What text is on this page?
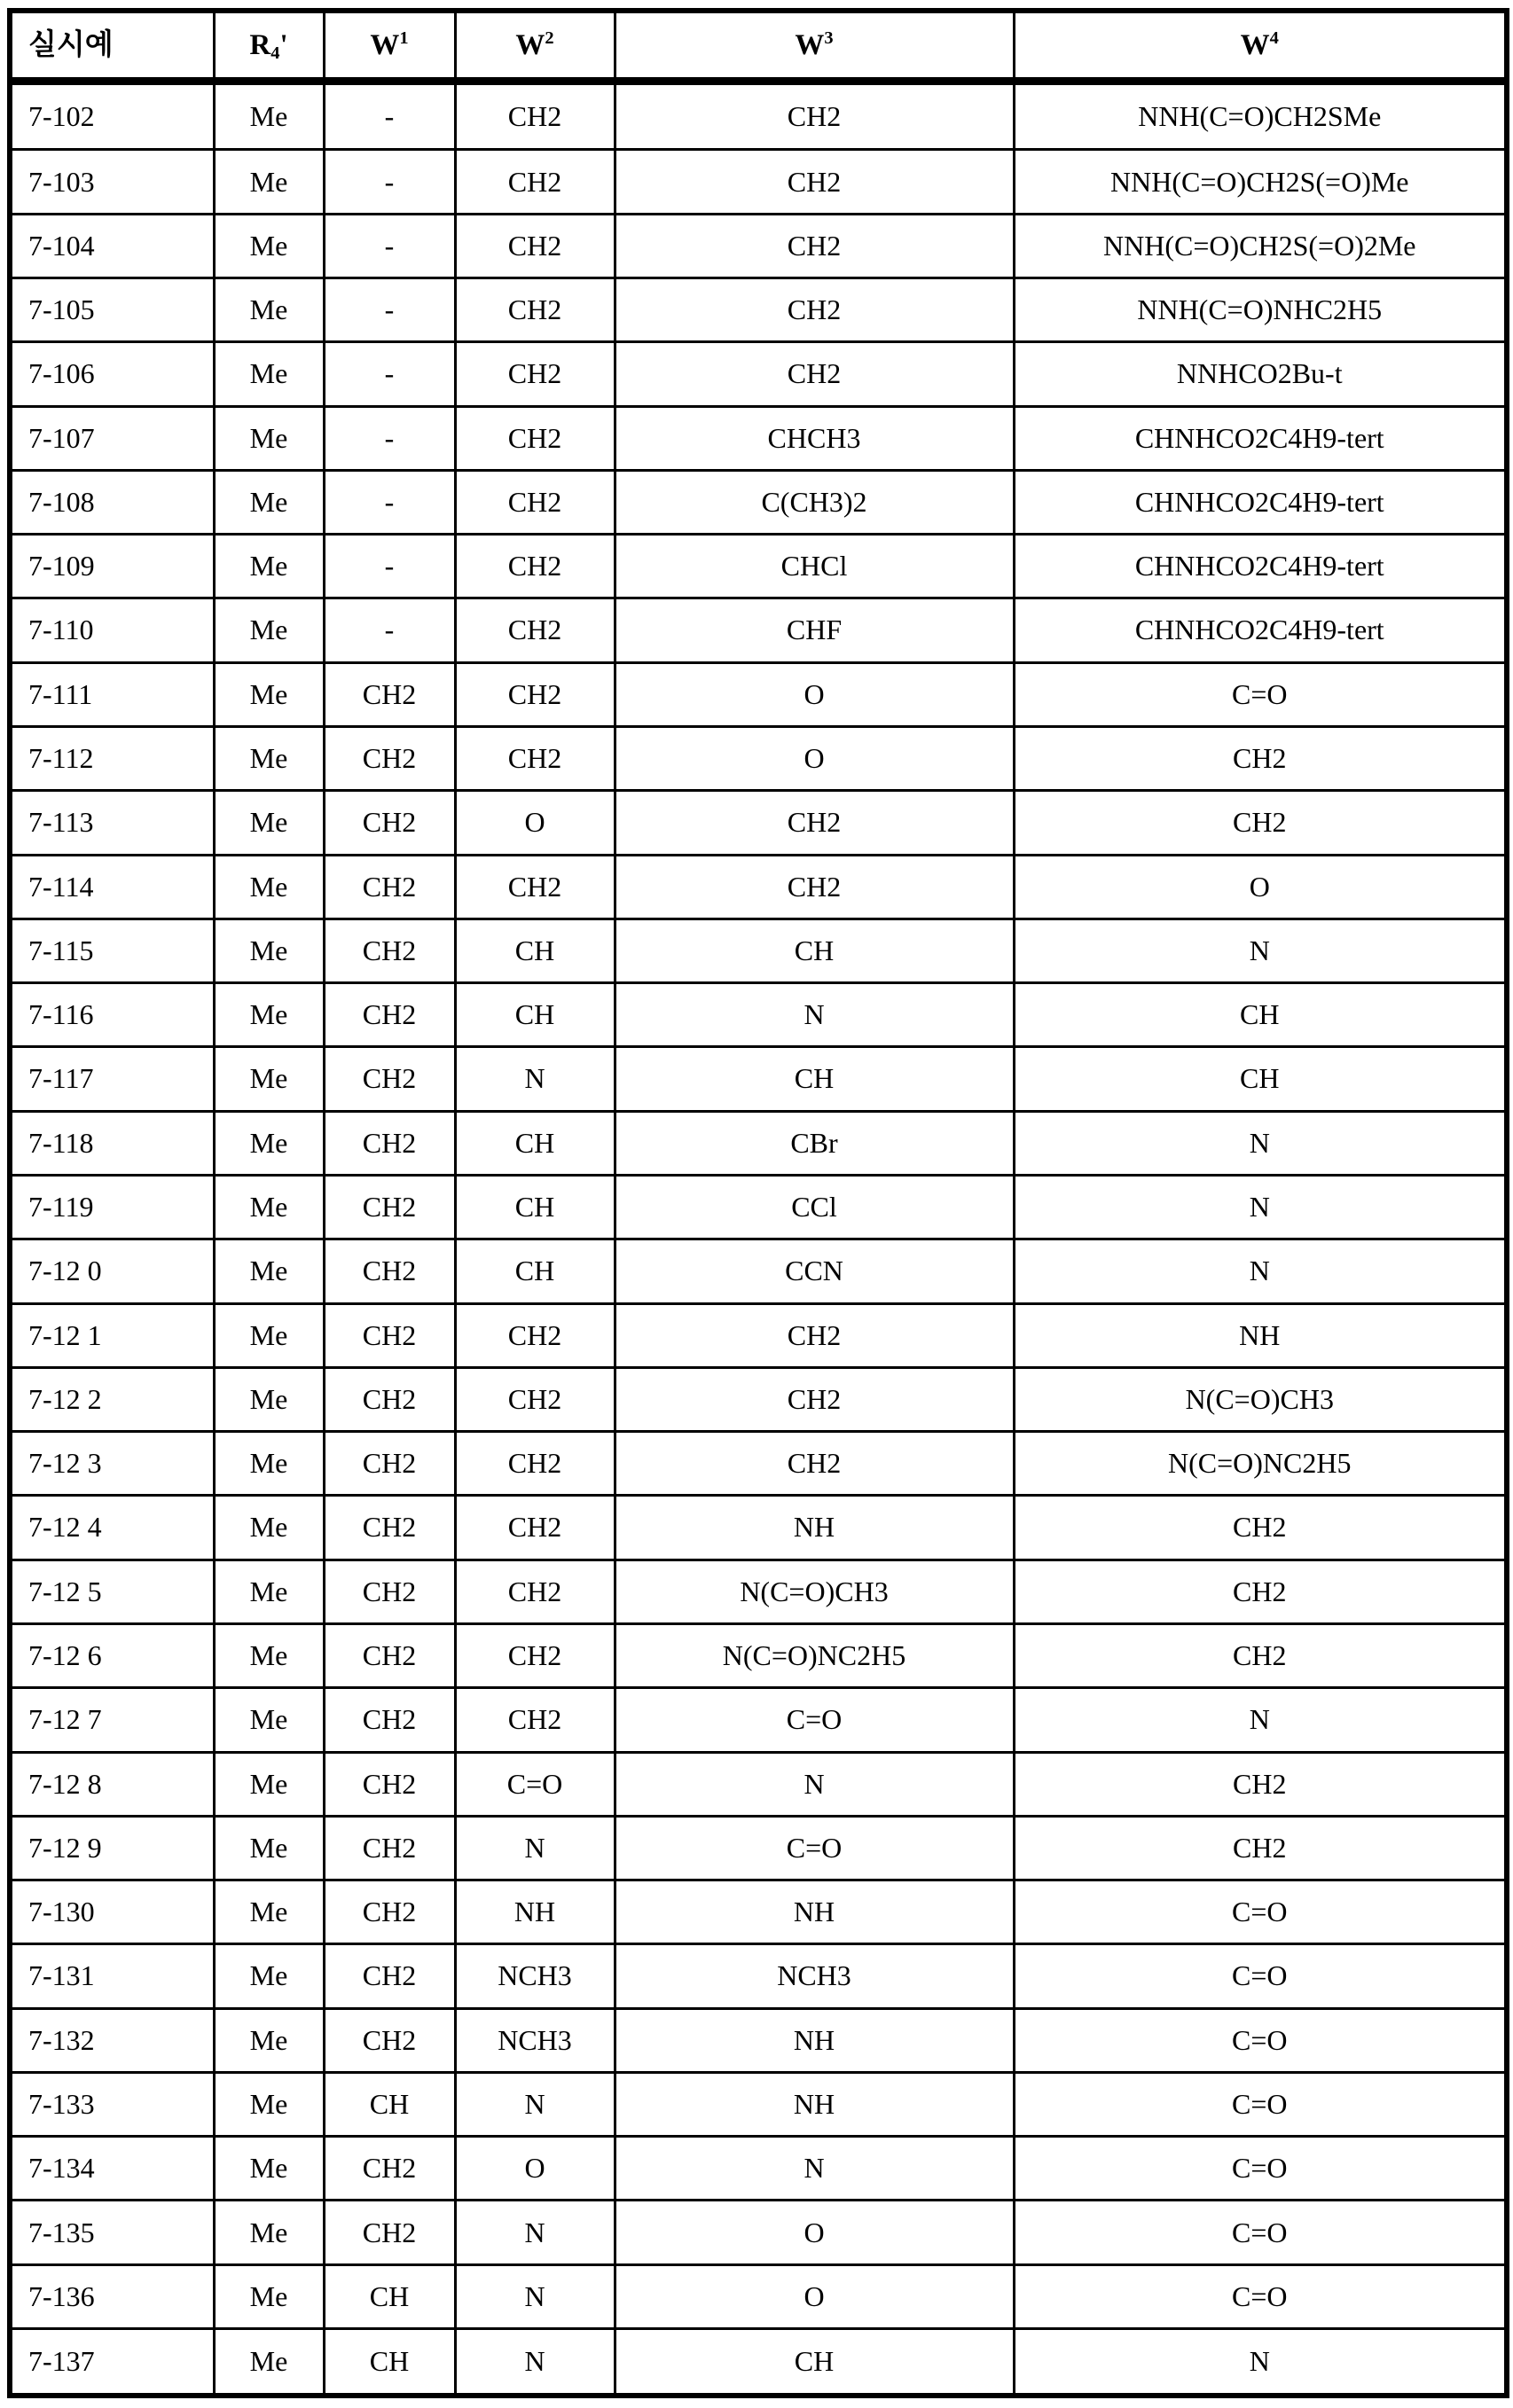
실시예	$R_4'$	$W^1$	$W^2$	$W^3$	$W^4$
7-102	Me	-	CH2	CH2	NNH(C=O)CH2SMe
7-103	Me	-	CH2	CH2	NNH(C=O)CH2S(=O)Me
7-104	Me	-	CH2	CH2	NNH(C=O)CH2S(=O)2Me
7-105	Me	-	CH2	CH2	NNH(C=O)NHC2H5
7-106	Me	-	CH2	CH2	NNHCO2Bu-t
7-107	Me	-	CH2	CHCH3	CHNHCO2C4H9-tert
7-108	Me	-	CH2	C(CH3)2	CHNHCO2C4H9-tert
7-109	Me	-	CH2	CHCl	CHNHCO2C4H9-tert
7-110	Me	-	CH2	CHF	CHNHCO2C4H9-tert
7-111	Me	CH2	CH2	O	C=O
7-112	Me	CH2	CH2	O	CH2
7-113	Me	CH2	O	CH2	CH2
7-114	Me	CH2	CH2	CH2	O
7-115	Me	CH2	CH	CH	N
7-116	Me	CH2	CH	N	CH
7-117	Me	CH2	N	CH	CH
7-118	Me	CH2	CH	CBr	N
7-119	Me	CH2	CH	CCl	N
7-12 0	Me	CH2	CH	CCN	N
7-12 1	Me	CH2	CH2	CH2	NH
7-12 2	Me	CH2	CH2	CH2	N(C=O)CH3
7-12 3	Me	CH2	CH2	CH2	N(C=O)NC2H5
7-12 4	Me	CH2	CH2	NH	CH2
7-12 5	Me	CH2	CH2	N(C=O)CH3	CH2
7-12 6	Me	CH2	CH2	N(C=O)NC2H5	CH2
7-12 7	Me	CH2	CH2	C=O	N
7-12 8	Me	CH2	C=O	N	CH2
7-12 9	Me	CH2	N	C=O	CH2
7-130	Me	CH2	NH	NH	C=O
7-131	Me	CH2	NCH3	NCH3	C=O
7-132	Me	CH2	NCH3	NH	C=O
7-133	Me	CH	N	NH	C=O
7-134	Me	CH2	O	N	C=O
7-135	Me	CH2	N	O	C=O
7-136	Me	CH	N	O	C=O
7-137	Me	CH	N	CH	N
